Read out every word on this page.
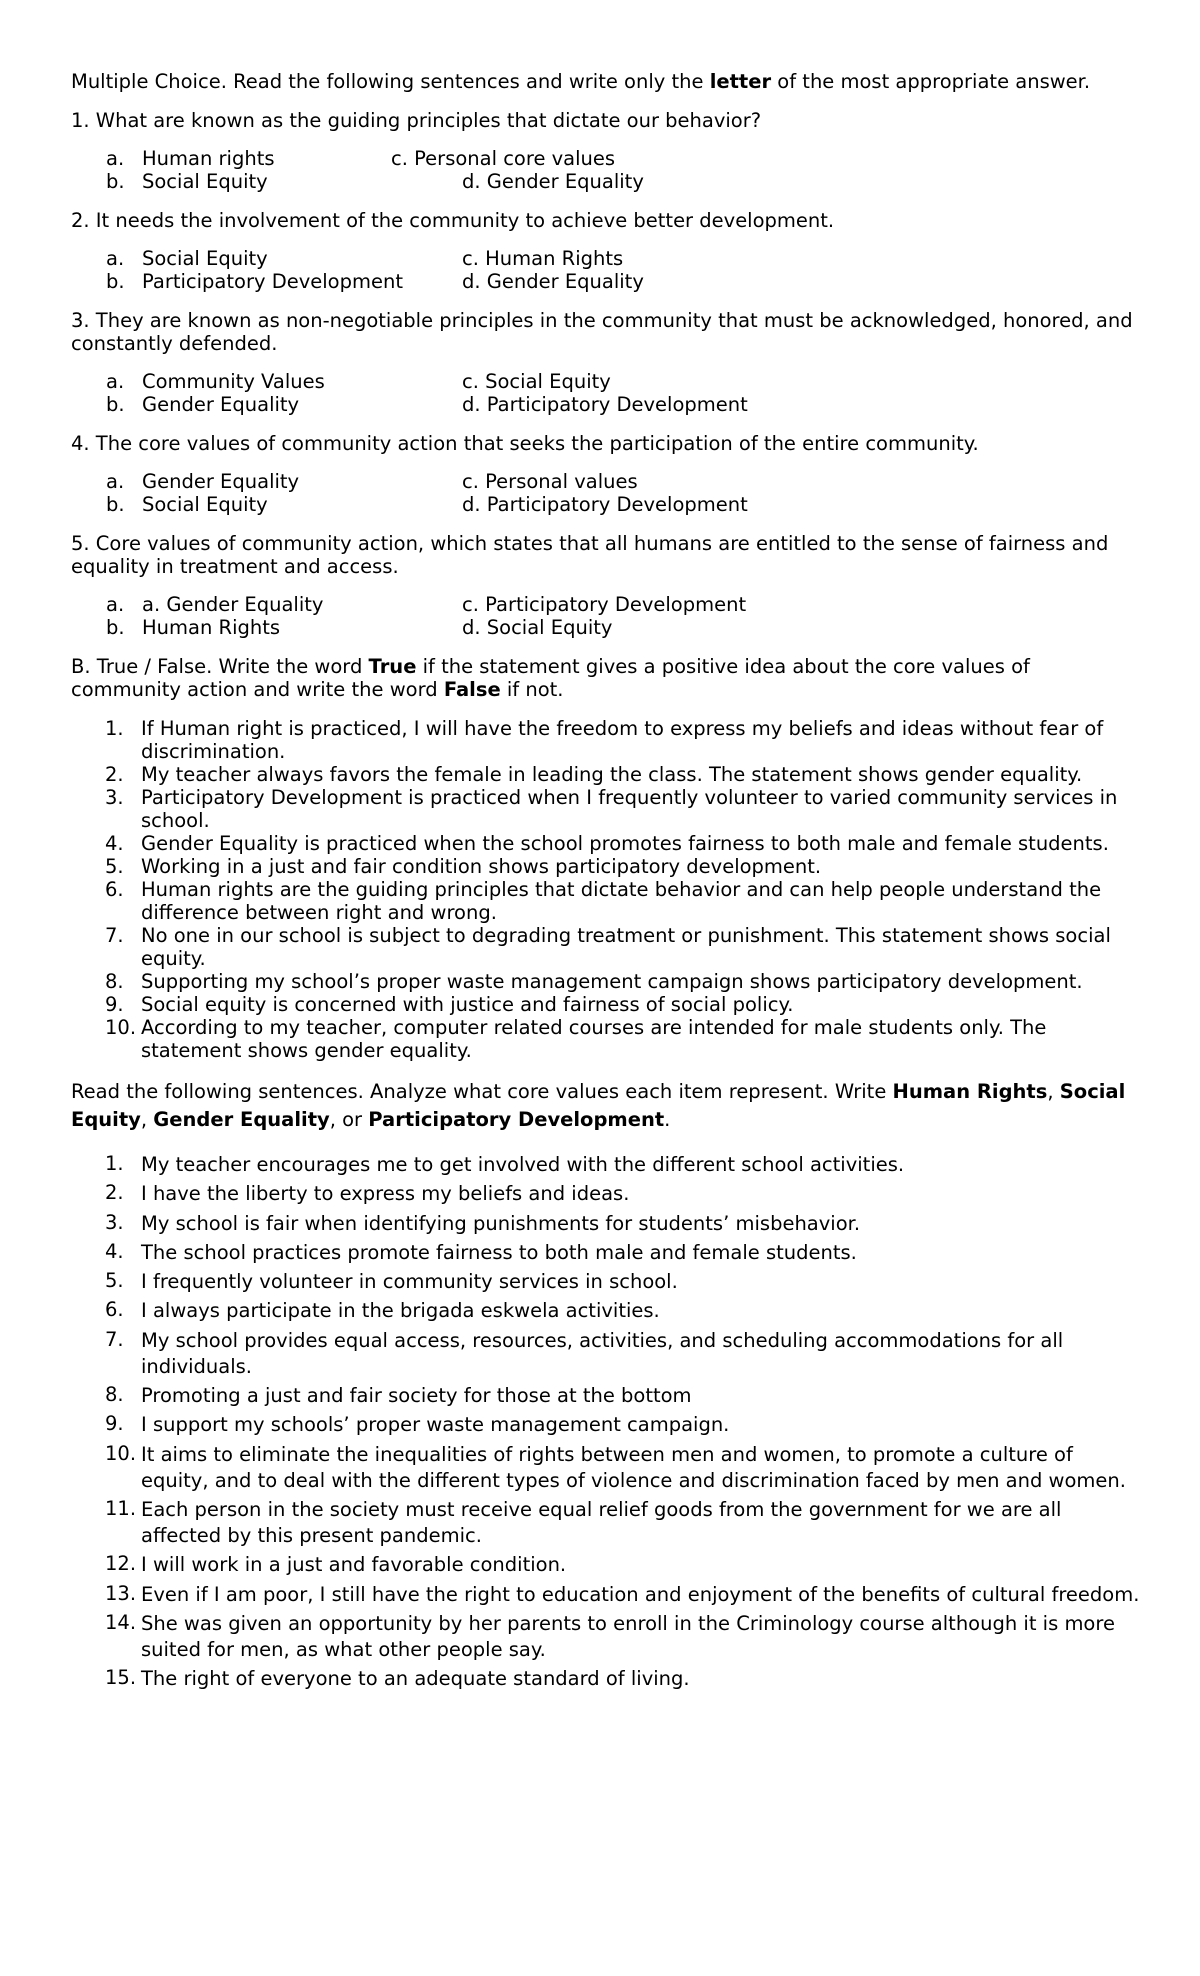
Multiple Choice. Read the following sentences and write only the letter of the most appropriate answer.

1. What are known as the guiding principles that dictate our behavior?

a. Human rights	c. Personal core values
b. Social Equity	d. Gender Equality

2. It needs the involvement of the community to achieve better development.

a. Social Equity	c. Human Rights
b. Participatory Development	d. Gender Equality

3. They are known as non-negotiable principles in the community that must be acknowledged, honored, and constantly defended.

a. Community Values	c. Social Equity
b. Gender Equality	d. Participatory Development

4. The core values of community action that seeks the participation of the entire community.

a. Gender Equality	c. Personal values
b. Social Equity	d. Participatory Development

5. Core values of community action, which states that all humans are entitled to the sense of fairness and equality in treatment and access.

a. a. Gender Equality	c. Participatory Development
b. Human Rights	d. Social Equity

B. True / False. Write the word True if the statement gives a positive idea about the core values of community action and write the word False if not.

1. If Human right is practiced, I will have the freedom to express my beliefs and ideas without fear of discrimination.
2. My teacher always favors the female in leading the class. The statement shows gender equality.
3. Participatory Development is practiced when I frequently volunteer to varied community services in school.
4. Gender Equality is practiced when the school promotes fairness to both male and female students.
5. Working in a just and fair condition shows participatory development.
6. Human rights are the guiding principles that dictate behavior and can help people understand the difference between right and wrong.
7. No one in our school is subject to degrading treatment or punishment. This statement shows social equity.
8. Supporting my school’s proper waste management campaign shows participatory development.
9. Social equity is concerned with justice and fairness of social policy.
10. According to my teacher, computer related courses are intended for male students only. The statement shows gender equality.

Read the following sentences. Analyze what core values each item represent. Write Human Rights, Social Equity, Gender Equality, or Participatory Development.

1. My teacher encourages me to get involved with the different school activities.
2. I have the liberty to express my beliefs and ideas.
3. My school is fair when identifying punishments for students’ misbehavior.
4. The school practices promote fairness to both male and female students.
5. I frequently volunteer in community services in school.
6. I always participate in the brigada eskwela activities.
7. My school provides equal access, resources, activities, and scheduling accommodations for all individuals.
8. Promoting a just and fair society for those at the bottom
9. I support my schools’ proper waste management campaign.
10. It aims to eliminate the inequalities of rights between men and women, to promote a culture of equity, and to deal with the different types of violence and discrimination faced by men and women.
11. Each person in the society must receive equal relief goods from the government for we are all affected by this present pandemic.
12. I will work in a just and favorable condition.
13. Even if I am poor, I still have the right to education and enjoyment of the benefits of cultural freedom.
14. She was given an opportunity by her parents to enroll in the Criminology course although it is more suited for men, as what other people say.
15. The right of everyone to an adequate standard of living.
